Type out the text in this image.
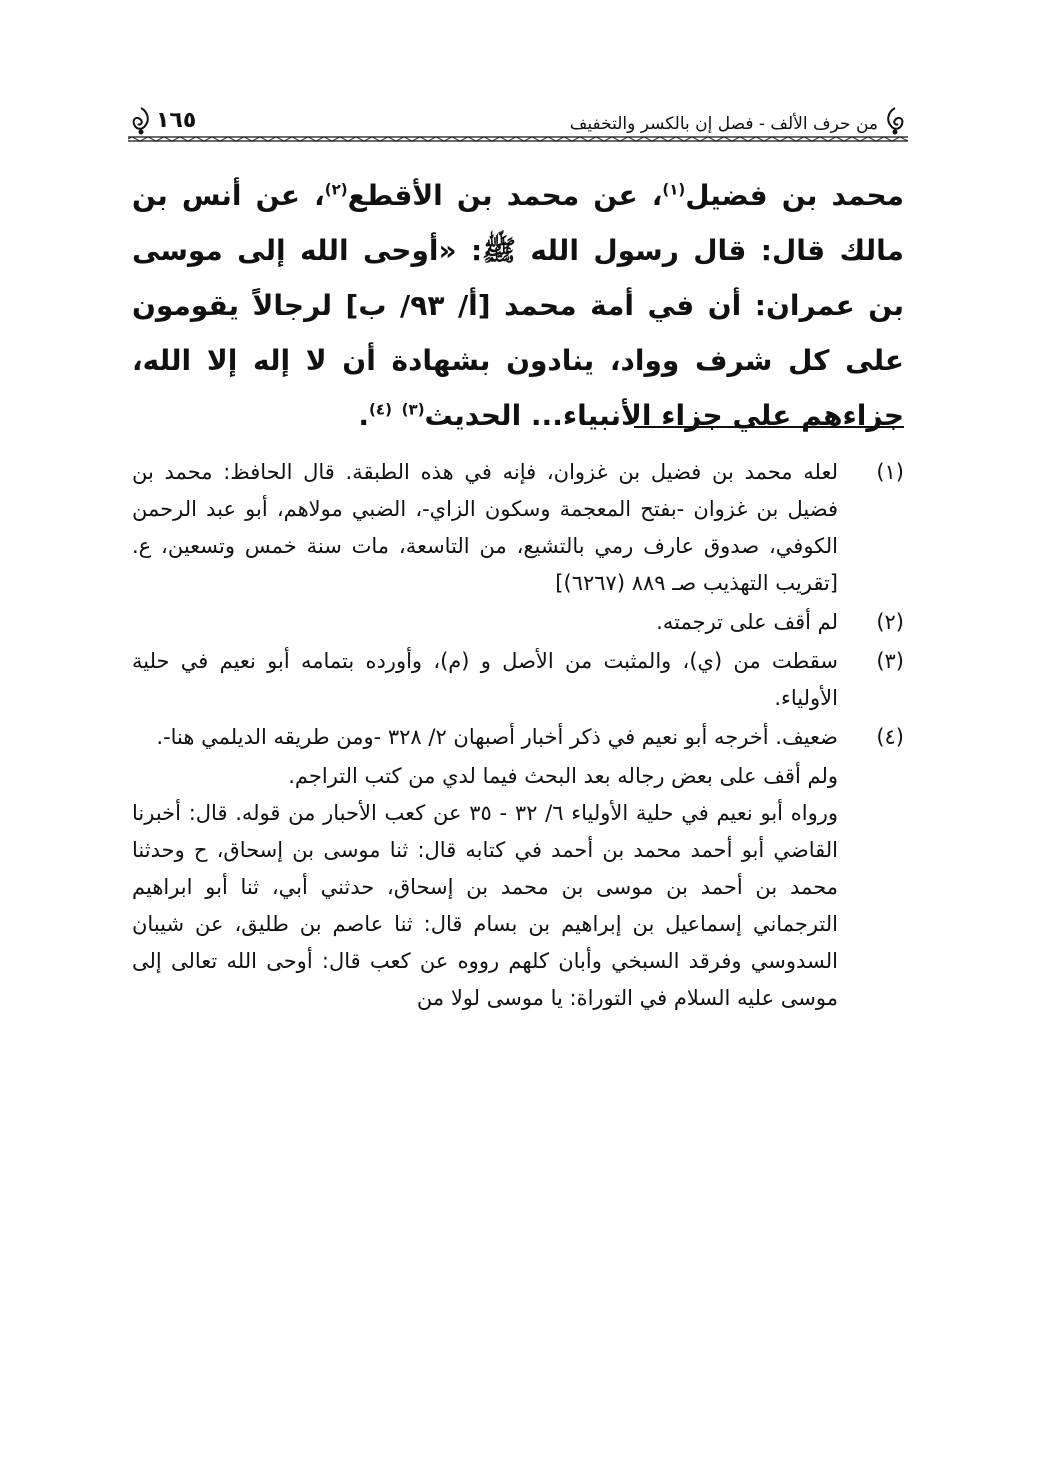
من حرف الألف - فصل إن بالكسر والتخفيف
١٦٥

محمد بن فضيل$^{(١)}$، عن محمد بن الأقطع$^{(٢)}$، عن أنس بن مالك قال: قال رسول الله ﷺ: «أوحى الله إلى موسى بن عمران: أن في أمة محمد [أ/ ٩٣/ ب] لرجالاً يقومون على كل شرف وواد، ينادون بشهادة أن لا إله إلا الله، جزاءهم علي جزاء الأنبياء... الحديث$^{(٣)}$ $^{(٤)}$.

(١)
لعله محمد بن فضيل بن غزوان، فإنه في هذه الطبقة. قال الحافظ: محمد بن فضيل بن غزوان -بفتح المعجمة وسكون الزاي-، الضبي مولاهم، أبو عبد الرحمن الكوفي، صدوق عارف رمي بالتشيع، من التاسعة، مات سنة خمس وتسعين، ع. [تقريب التهذيب صـ ٨٨٩ (٦٢٦٧)]
(٢)
لم أقف على ترجمته.
(٣)
سقطت من (ي)، والمثبت من الأصل و (م)، وأورده بتمامه أبو نعيم في حلية الأولياء.
(٤)
ضعيف. أخرجه أبو نعيم في ذكر أخبار أصبهان ٢/ ٣٢٨ -ومن طريقه الديلمي هنا-.
ولم أقف على بعض رجاله بعد البحث فيما لدي من كتب التراجم.
ورواه أبو نعيم في حلية الأولياء ٦/ ٣٢ - ٣٥ عن كعب الأحبار من قوله. قال: أخبرنا القاضي أبو أحمد محمد بن أحمد في كتابه قال: ثنا موسى بن إسحاق، ح وحدثنا محمد بن أحمد بن موسى بن محمد بن إسحاق، حدثني أبي، ثنا أبو ابراهيم الترجماني إسماعيل بن إبراهيم بن بسام قال: ثنا عاصم بن طليق، عن شيبان السدوسي وفرقد السبخي وأبان كلهم رووه عن كعب قال: أوحى الله تعالى إلى موسى عليه السلام في التوراة: يا موسى لولا من
